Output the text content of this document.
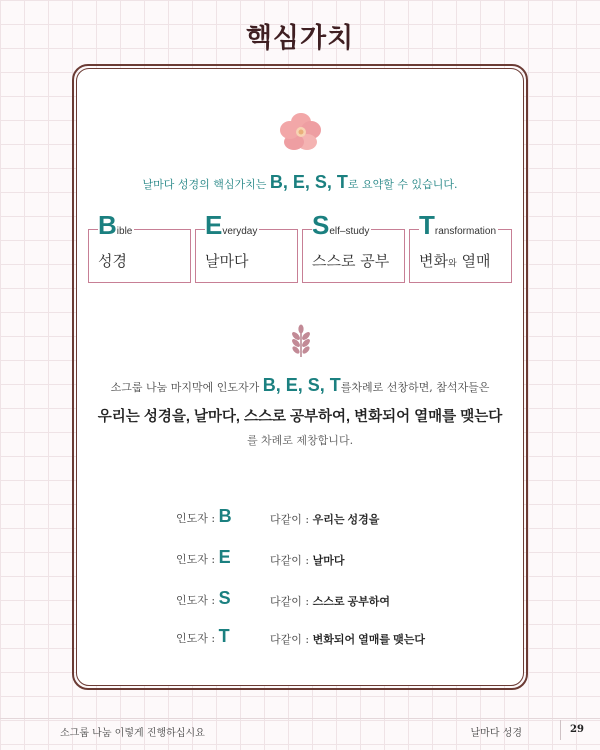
핵심가치
날마다 성경의 핵심가치는 B, E, S, T로 요약할 수 있습니다.
Bible
성경
Everyday
날마다
Self–study
스스로 공부
Transformation
변화와 열매
소그룹 나눔 마지막에 인도자가 B, E, S, T를차례로 선창하면, 참석자들은
우리는 성경을, 날마다, 스스로 공부하여, 변화되어 열매를 맺는다
를 차례로 제창합니다.
인도자 : B	다같이 : 우리는 성경을
인도자 : E	다같이 : 날마다
인도자 : S	다같이 : 스스로 공부하여
인도자 : T	다같이 : 변화되어 열매를 맺는다
소그룹 나눔 이렇게 진행하십시요	날마다 성경	29
